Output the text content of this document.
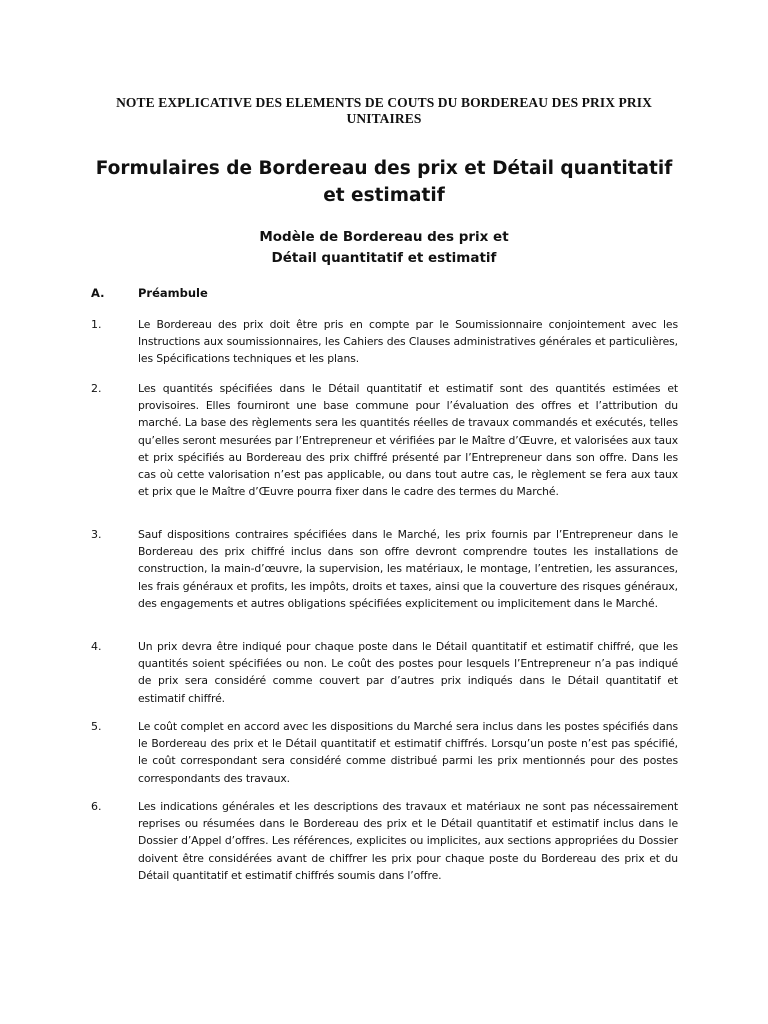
NOTE EXPLICATIVE DES ELEMENTS DE COUTS DU BORDEREAU DES PRIX PRIX UNITAIRES
Formulaires de Bordereau des prix et Détail quantitatif et estimatif
Modèle de Bordereau des prix et
Détail quantitatif et estimatif
A.	Préambule
1.	Le Bordereau des prix doit être pris en compte par le Soumissionnaire conjointement avec les Instructions aux soumissionnaires, les Cahiers des Clauses administratives générales et particulières, les Spécifications techniques et les plans.
2.	Les quantités spécifiées dans le Détail quantitatif et estimatif sont des quantités estimées et provisoires. Elles fourniront une base commune pour l’évaluation des offres et l’attribution du marché. La base des règlements sera les quantités réelles de travaux commandés et exécutés, telles qu’elles seront mesurées par l’Entrepreneur et vérifiées par le Maître d’Œuvre, et valorisées aux taux et prix spécifiés au Bordereau des prix chiffré présenté par l’Entrepreneur dans son offre. Dans les cas où cette valorisation n’est pas applicable, ou dans tout autre cas, le règlement se fera aux taux et prix que le Maître d’Œuvre pourra fixer dans le cadre des termes du Marché.
3.	Sauf dispositions contraires spécifiées dans le Marché, les prix fournis par l’Entrepreneur dans le Bordereau des prix chiffré inclus dans son offre devront comprendre toutes les installations de construction, la main-d’œuvre, la supervision, les matériaux, le montage, l’entretien, les assurances, les frais généraux et profits, les impôts, droits et taxes, ainsi que la couverture des risques généraux, des engagements et autres obligations spécifiées explicitement ou implicitement dans le Marché.
4.	Un prix devra être indiqué pour chaque poste dans le Détail quantitatif et estimatif chiffré, que les quantités soient spécifiées ou non. Le coût des postes pour lesquels l’Entrepreneur n’a pas indiqué de prix sera considéré comme couvert par d’autres prix indiqués dans le Détail quantitatif et estimatif chiffré.
5.	Le coût complet en accord avec les dispositions du Marché sera inclus dans les postes spécifiés dans le Bordereau des prix et le Détail quantitatif et estimatif chiffrés. Lorsqu’un poste n’est pas spécifié, le coût correspondant sera considéré comme distribué parmi les prix mentionnés pour des postes correspondants des travaux.
6.	Les indications générales et les descriptions des travaux et matériaux ne sont pas nécessairement reprises ou résumées dans le Bordereau des prix et le Détail quantitatif et estimatif inclus dans le Dossier d’Appel d’offres. Les références, explicites ou implicites, aux sections appropriées du Dossier doivent être considérées avant de chiffrer les prix pour chaque poste du Bordereau des prix et du Détail quantitatif et estimatif chiffrés soumis dans l’offre.
